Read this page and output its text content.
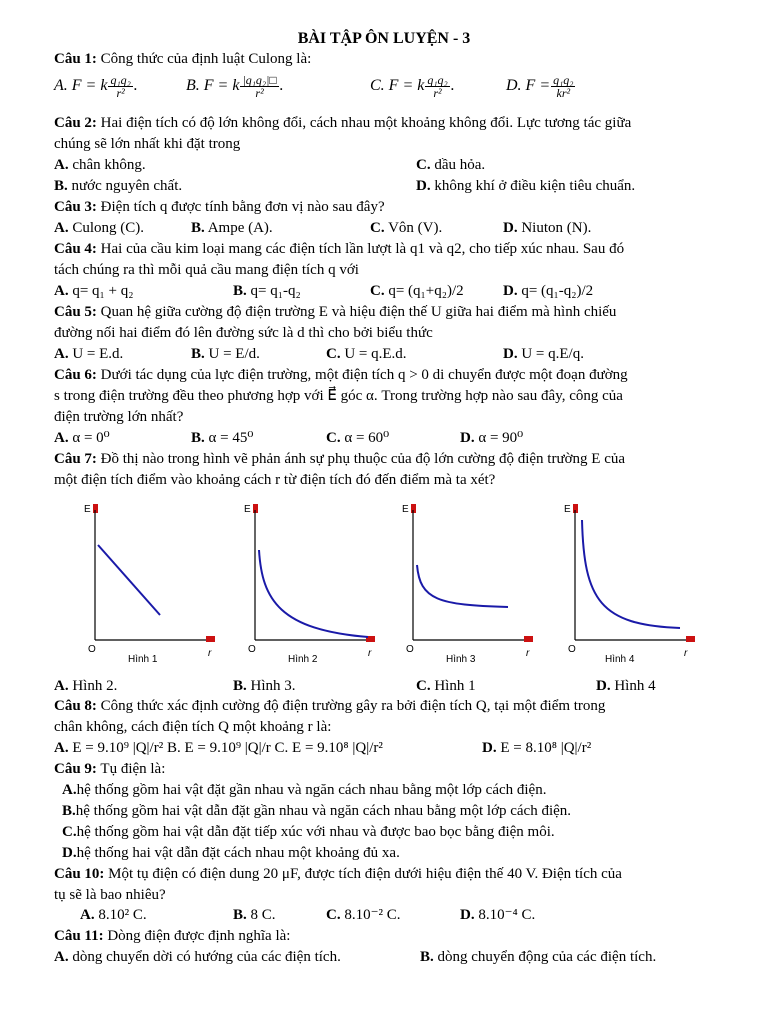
BÀI TẬP ÔN LUYỆN - 3
Câu 1: Công thức của định luật Culong là:
A. F = k $\frac{\text{q₁q₂}}{\text{r²}}$ .	B. F = k $\frac{\text{|q₁q₂|□}}{\text{r²}}$ .	C. F = k $\frac{\text{q₁q₂}}{\text{r²}}$ .	D. $F = \frac{\text{q₁q₂}}{\text{kr²}}$
Câu 2: Hai điện tích có độ lớn không đổi, cách nhau một khoảng không đổi. Lực tương tác giữa
chúng sẽ lớn nhất khi đặt trong
A. chân không.	C. dầu hỏa.
B. nước nguyên chất.	D. không khí ở điều kiện tiêu chuẩn.
Câu 3: Điện tích q được tính bằng đơn vị nào sau đây?
A. Culong (C).	B. Ampe (A).	C. Vôn (V).	D. Niuton (N).
Câu 4: Hai của cầu kim loại mang các điện tích lần lượt là q1 và q2, cho tiếp xúc nhau. Sau đó
tách chúng ra thì mỗi quả cầu mang điện tích q với
A. q= q₁ + q₂	B. q= q₁-q₂	C. q= (q₁+q₂)/2	D. q= (q₁-q₂)/2
Câu 5: Quan hệ giữa cường độ điện trường E và hiệu điện thế U giữa hai điểm mà hình chiếu
đường nối hai điểm đó lên đường sức là d thì cho bởi biểu thức
A. U = E.d.	B. U = E/d.	C. U = q.E.d.	D. U = q.E/q.
Câu 6: Dưới tác dụng của lực điện trường, một điện tích q > 0 di chuyển được một đoạn đường
s trong điện trường đều theo phương hợp với E⃗ góc α. Trong trường hợp nào sau đây, công của
điện trường lớn nhất?
A. α = 0⁰	B. α = 45⁰	C. α = 60⁰	D. α = 90⁰
Câu 7: Đồ thị nào trong hình vẽ phản ánh sự phụ thuộc của độ lớn cường độ điện trường E của
một điện tích điểm vào khoảng cách r từ điện tích đó đến điểm mà ta xét?
E
O	r
Hình 1
E
O	r
Hình 2
E
O	r
Hình 3
E
O	r
Hình 4
A. Hình 2.	B. Hình 3.	C. Hình 1	D. Hình 4
Câu 8: Công thức xác định cường độ điện trường gây ra bởi điện tích Q, tại một điểm trong
chân không, cách điện tích Q một khoảng r là:
A. E = 9.10⁹ |Q|/r² B. E = 9.10⁹ |Q|/r C. E = 9.10⁸ |Q|/r²	D. E = 8.10⁸ |Q|/r²
Câu 9: Tụ điện là:
A.hệ thống gồm hai vật đặt gần nhau và ngăn cách nhau bằng một lớp cách điện.
B.hệ thống gồm hai vật dẫn đặt gần nhau và ngăn cách nhau bằng một lớp cách điện.
C.hệ thống gồm hai vật dẫn đặt tiếp xúc với nhau và được bao bọc bằng điện môi.
D.hệ thống hai vật dẫn đặt cách nhau một khoảng đủ xa.
Câu 10: Một tụ điện có điện dung 20 μF, được tích điện dưới hiệu điện thế 40 V. Điện tích của
tụ sẽ là bao nhiêu?
A. 8.10² C.	B. 8 C.	C. 8.10⁻² C.	D. 8.10⁻⁴ C.
Câu 11: Dòng điện được định nghĩa là:
A. dòng chuyển dời có hướng của các điện tích.	B. dòng chuyển động của các điện tích.
